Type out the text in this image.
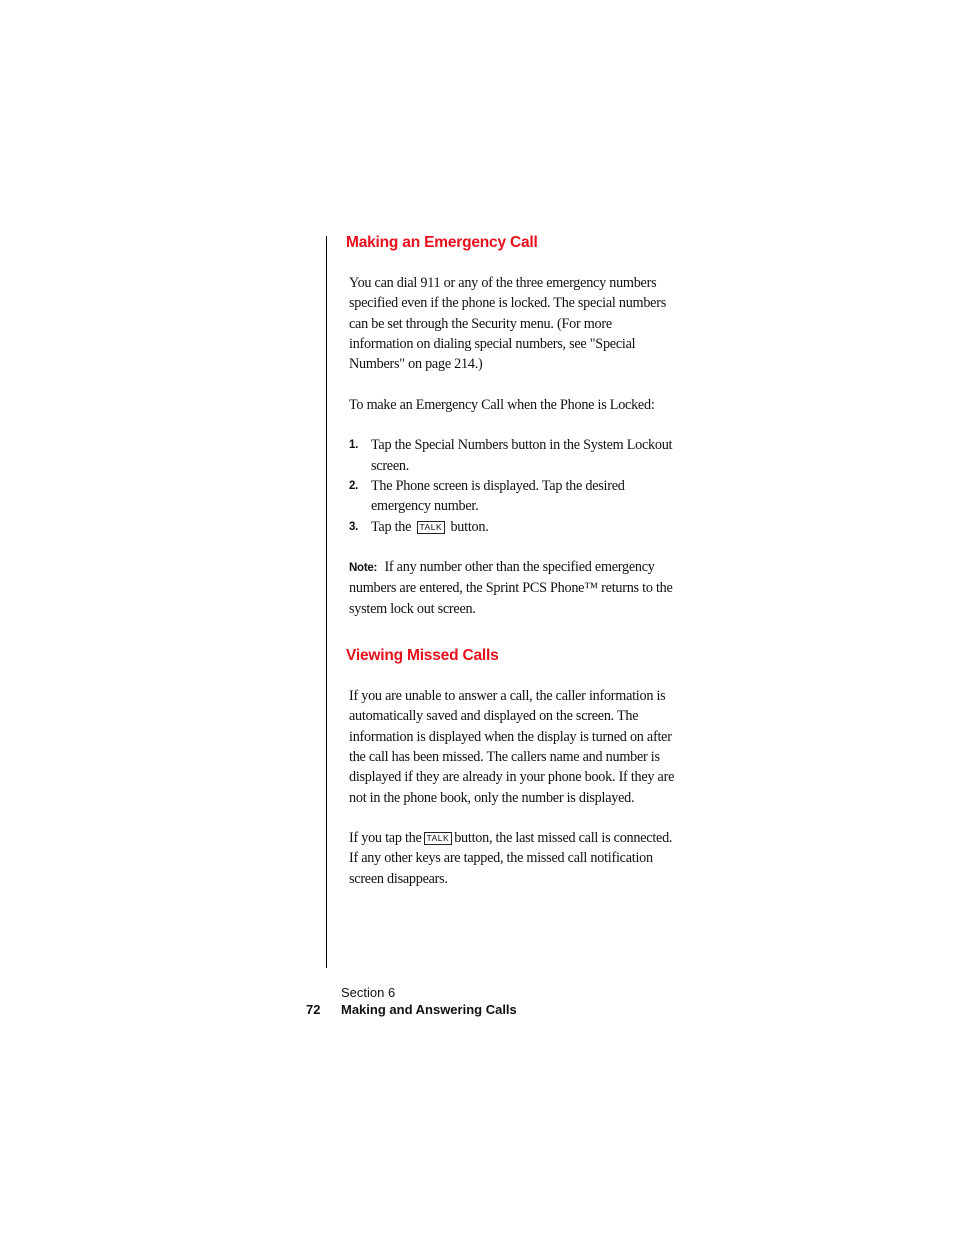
Making an Emergency Call

You can dial 911 or any of the three emergency numbers specified even if the phone is locked. The special numbers can be set through the Security menu. (For more information on dialing special numbers, see "Special Numbers" on page 214.)

To make an Emergency Call when the Phone is Locked:

1. Tap the Special Numbers button in the System Lockout screen.
2. The Phone screen is displayed. Tap the desired emergency number.
3. Tap the TALK button.

Note: If any number other than the specified emergency numbers are entered, the Sprint PCS Phone™ returns to the system lock out screen.

Viewing Missed Calls

If you are unable to answer a call, the caller information is automatically saved and displayed on the screen. The information is displayed when the display is turned on after the call has been missed. The callers name and number is displayed if they are already in your phone book. If they are not in the phone book, only the number is displayed.

If you tap the TALK button, the last missed call is connected. If any other keys are tapped, the missed call notification screen disappears.

Section 6
72 Making and Answering Calls
